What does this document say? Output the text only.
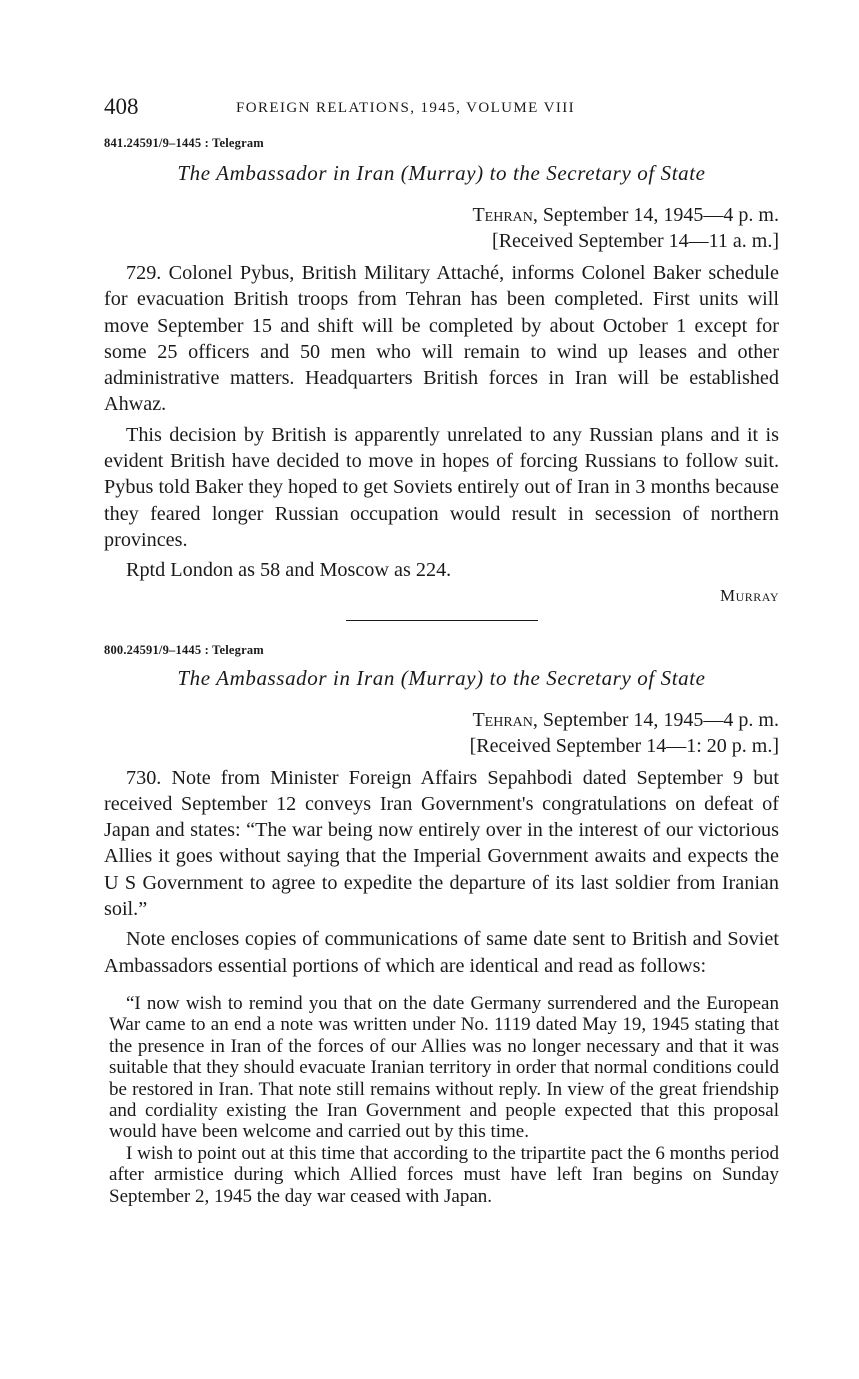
408	FOREIGN RELATIONS, 1945, VOLUME VIII
841.24591/9–1445 : Telegram
The Ambassador in Iran (Murray) to the Secretary of State
Tehran, September 14, 1945—4 p. m.
[Received September 14—11 a. m.]

729. Colonel Pybus, British Military Attaché, informs Colonel Baker schedule for evacuation British troops from Tehran has been completed. First units will move September 15 and shift will be completed by about October 1 except for some 25 officers and 50 men who will remain to wind up leases and other administrative matters. Headquarters British forces in Iran will be established Ahwaz.

This decision by British is apparently unrelated to any Russian plans and it is evident British have decided to move in hopes of forcing Russians to follow suit. Pybus told Baker they hoped to get Soviets entirely out of Iran in 3 months because they feared longer Russian occupation would result in secession of northern provinces.

Rptd London as 58 and Moscow as 224.

Murray
800.24591/9–1445 : Telegram
The Ambassador in Iran (Murray) to the Secretary of State
Tehran, September 14, 1945—4 p. m.
[Received September 14—1: 20 p. m.]

730. Note from Minister Foreign Affairs Sepahbodi dated September 9 but received September 12 conveys Iran Government's congratulations on defeat of Japan and states: “The war being now entirely over in the interest of our victorious Allies it goes without saying that the Imperial Government awaits and expects the U S Government to agree to expedite the departure of its last soldier from Iranian soil.”

Note encloses copies of communications of same date sent to British and Soviet Ambassadors essential portions of which are identical and read as follows:

“I now wish to remind you that on the date Germany surrendered and the European War came to an end a note was written under No. 1119 dated May 19, 1945 stating that the presence in Iran of the forces of our Allies was no longer necessary and that it was suitable that they should evacuate Iranian territory in order that normal conditions could be restored in Iran. That note still remains without reply. In view of the great friendship and cordiality existing the Iran Government and people expected that this proposal would have been welcome and carried out by this time.

I wish to point out at this time that according to the tripartite pact the 6 months period after armistice during which Allied forces must have left Iran begins on Sunday September 2, 1945 the day war ceased with Japan.
